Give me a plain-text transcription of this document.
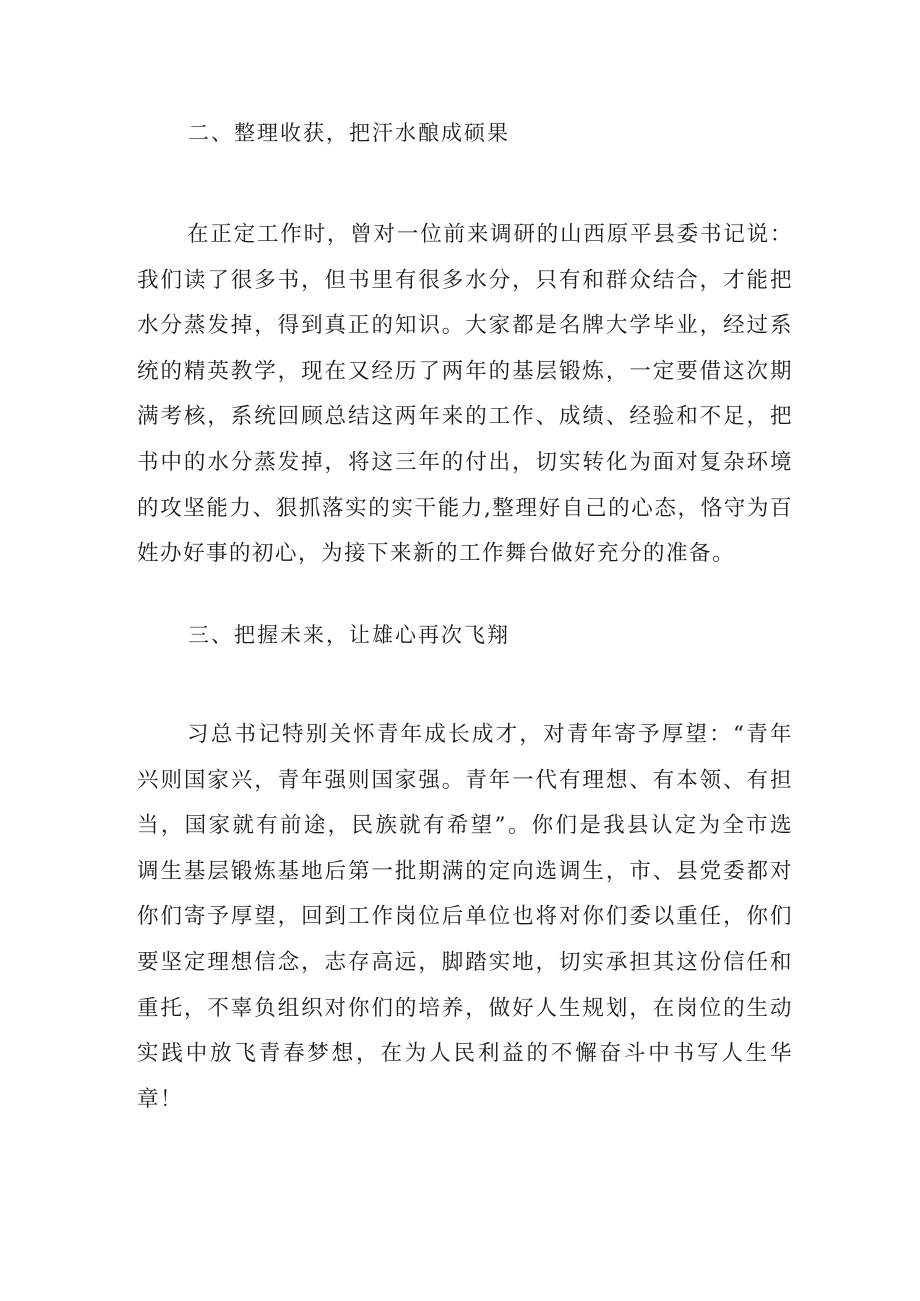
二、整理收获，把汗水酿成硕果

在正定工作时，曾对一位前来调研的山西原平县委书记说：我们读了很多书，但书里有很多水分，只有和群众结合，才能把水分蒸发掉，得到真正的知识。大家都是名牌大学毕业，经过系统的精英教学，现在又经历了两年的基层锻炼，一定要借这次期满考核，系统回顾总结这两年来的工作、成绩、经验和不足，把书中的水分蒸发掉，将这三年的付出，切实转化为面对复杂环境的攻坚能力、狠抓落实的实干能力,整理好自己的心态，恪守为百姓办好事的初心，为接下来新的工作舞台做好充分的准备。

三、把握未来，让雄心再次飞翔

习总书记特别关怀青年成长成才，对青年寄予厚望：“青年兴则国家兴，青年强则国家强。青年一代有理想、有本领、有担当，国家就有前途，民族就有希望”。你们是我县认定为全市选调生基层锻炼基地后第一批期满的定向选调生，市、县党委都对你们寄予厚望，回到工作岗位后单位也将对你们委以重任，你们要坚定理想信念，志存高远，脚踏实地，切实承担其这份信任和重托，不辜负组织对你们的培养，做好人生规划，在岗位的生动实践中放飞青春梦想，在为人民利益的不懈奋斗中书写人生华章！
